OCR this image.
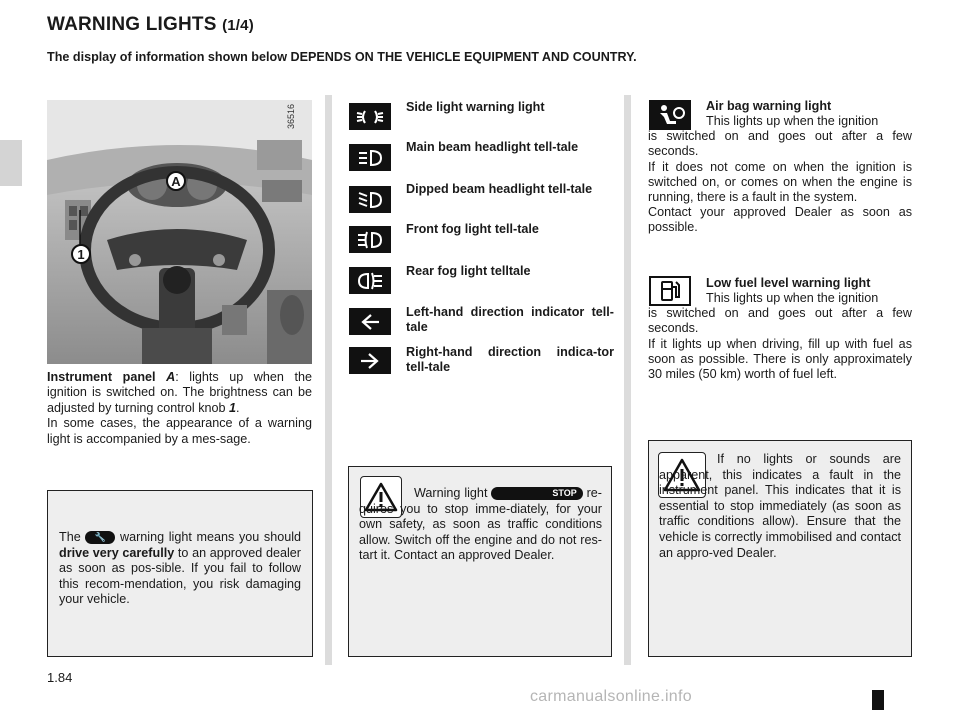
WARNING LIGHTS (1/4)
The display of information shown below DEPENDS ON THE VEHICLE EQUIPMENT AND COUNTRY.
36516
A
1
Instrument panel A: lights up when the ignition is switched on. The brightness can be adjusted by turning control knob 1.
In some cases, the appearance of a warning light is accompanied by a mes-sage.
The 🔧 warning light means you should drive very carefully to an approved dealer as soon as pos-sible. If you fail to follow this recom-mendation, you risk damaging your vehicle.
Side light warning light
Main beam headlight tell-tale
Dipped beam headlight tell-tale
Front fog light tell-tale
Rear fog light telltale
Left-hand direction indicator tell-tale
Right-hand direction indica-tor tell-tale
Warning light	STOP re-quires you to stop imme-diately, for your own safety, as soon as traffic conditions allow. Switch off the engine and do not res-tart it. Contact an approved Dealer.
Air bag warning light
This lights up when the ignition
is switched on and goes out after a few seconds.
If it does not come on when the ignition is switched on, or comes on when the engine is running, there is a fault in the system.
Contact your approved Dealer as soon as possible.
Low fuel level warning light
This lights up when the ignition
is switched on and goes out after a few seconds.
If it lights up when driving, fill up with fuel as soon as possible. There is only approximately 30 miles (50 km) worth of fuel left.
If no lights or sounds are apparent, this indicates a fault in the instrument panel. This indicates that it is essential to stop immediately (as soon as traffic conditions allow). Ensure that the vehicle is correctly immobilised and contact an appro-ved Dealer.
1.84
carmanualsonline.info
